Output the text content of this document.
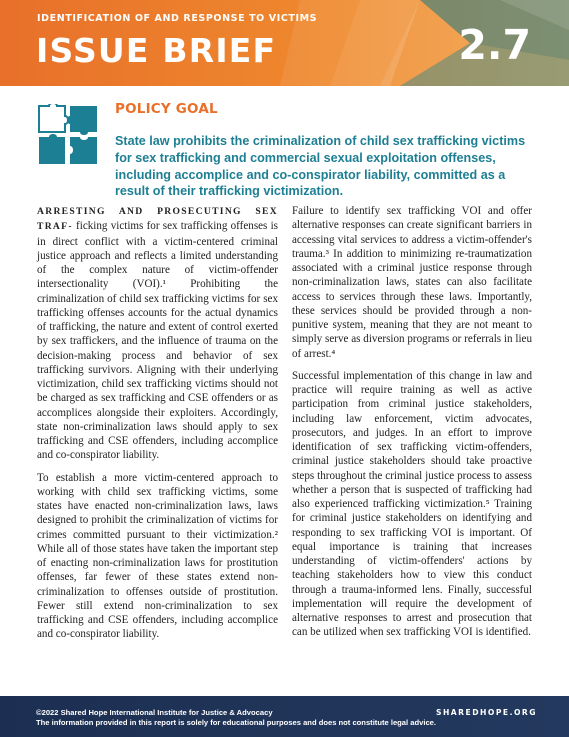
IDENTIFICATION OF AND RESPONSE TO VICTIMS
ISSUE BRIEF	2.7
POLICY GOAL
State law prohibits the criminalization of child sex trafficking victims for sex trafficking and commercial sexual exploitation offenses, including accomplice and co-conspirator liability, committed as a result of their trafficking victimization.

ARRESTING AND PROSECUTING SEX TRAF- ficking victims for sex trafficking offenses is in direct conflict with a victim-centered criminal justice approach and reflects a limited understanding of the complex nature of victim-offender intersectionality (VOI).¹ Prohibiting the criminalization of child sex trafficking victims for sex trafficking offenses accounts for the actual dynamics of trafficking, the nature and extent of control exerted by sex traffickers, and the influence of trauma on the decision-making process and behavior of sex trafficking survivors. Aligning with their underlying victimization, child sex trafficking victims should not be charged as sex trafficking and CSE offenders or as accomplices alongside their exploiters. Accordingly, state non-criminalization laws should apply to sex trafficking and CSE offenders, including accomplice and co-conspirator liability.

To establish a more victim-centered approach to working with child sex trafficking victims, some states have enacted non-criminalization laws, laws designed to prohibit the criminalization of victims for crimes committed pursuant to their victimization.² While all of those states have taken the important step of enacting non-criminalization laws for prostitution offenses, far fewer of these states extend non-criminalization to offenses outside of prostitution. Fewer still extend non-criminalization to sex trafficking and CSE offenders, including accomplice and co-conspirator liability.

Failure to identify sex trafficking VOI and offer alternative responses can create significant barriers in accessing vital services to address a victim-offender's trauma.³ In addition to minimizing re-traumatization associated with a criminal justice response through non-criminalization laws, states can also facilitate access to services through these laws. Importantly, these services should be provided through a non-punitive system, meaning that they are not meant to simply serve as diversion programs or referrals in lieu of arrest.⁴

Successful implementation of this change in law and practice will require training as well as active participation from criminal justice stakeholders, including law enforcement, victim advocates, prosecutors, and judges. In an effort to improve identification of sex trafficking victim-offenders, criminal justice stakeholders should take proactive steps throughout the criminal justice process to assess whether a person that is suspected of trafficking had also experienced trafficking victimization.⁵ Training for criminal justice stakeholders on identifying and responding to sex trafficking VOI is important. Of equal importance is training that increases understanding of victim-offenders' actions by teaching stakeholders how to view this conduct through a trauma-informed lens. Finally, successful implementation will require the development of alternative responses to arrest and prosecution that can be utilized when sex trafficking VOI is identified.

©2022 Shared Hope International Institute for Justice & Advocacy
The information provided in this report is solely for educational purposes and does not constitute legal advice.
SHAREDHOPE.ORG
